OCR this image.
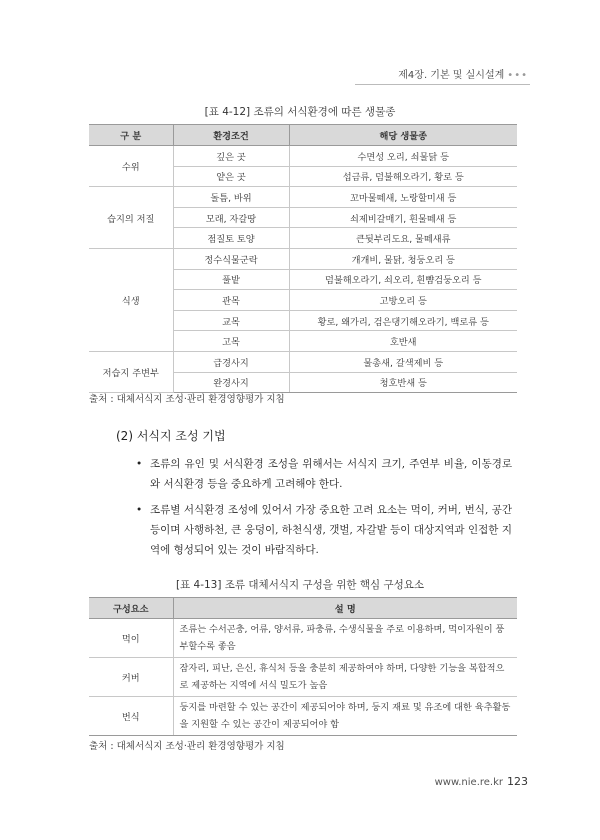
제4장. 기본 및 실시설계 •••
[표 4-12] 조류의 서식환경에 따른 생물종
구 분	환경조건	해당 생물종
수위	깊은 곳	수면성 오리, 쇠물닭 등
	얕은 곳	섭금류, 덤불해오라기, 황로 등
습지의 저질	돌틈, 바위	꼬마물떼새, 노랑할미새 등
	모래, 자갈땅	쇠제비갈매기, 흰물떼새 등
	점질토 토양	큰뒷부리도요, 물떼새류
식생	정수식물군락	개개비, 물닭, 청둥오리 등
	풀밭	덤불해오라기, 쇠오리, 흰뺨검둥오리 등
	관목	고방오리 등
	교목	황로, 왜가리, 검은댕기해오라기, 백로류 등
	고목	호반새
저습지 주변부	급경사지	물총새, 갈색제비 등
	완경사지	청호반새 등
출처 : 대체서식지 조성·관리 환경영향평가 지침
(2) 서식지 조성 기법
• 조류의 유인 및 서식환경 조성을 위해서는 서식지 크기, 주연부 비율, 이동경로와 서식환경 등을 중요하게 고려해야 한다.
• 조류별 서식환경 조성에 있어서 가장 중요한 고려 요소는 먹이, 커버, 번식, 공간 등이며 사행하천, 큰 웅덩이, 하천식생, 갯벌, 자갈밭 등이 대상지역과 인접한 지역에 형성되어 있는 것이 바람직하다.
[표 4-13] 조류 대체서식지 구성을 위한 핵심 구성요소
구성요소	설 명
먹이	조류는 수서곤충, 어류, 양서류, 파충류, 수생식물을 주로 이용하며, 먹이자원이 풍부할수록 좋음
커버	잠자리, 피난, 은신, 휴식처 등을 충분히 제공하여야 하며, 다양한 기능을 복합적으로 제공하는 지역에 서식 밀도가 높음
번식	둥지를 마련할 수 있는 공간이 제공되어야 하며, 둥지 재료 및 유조에 대한 육추활동을 지원할 수 있는 공간이 제공되어야 함
출처 : 대체서식지 조성·관리 환경영향평가 지침
www.nie.re.kr 123
